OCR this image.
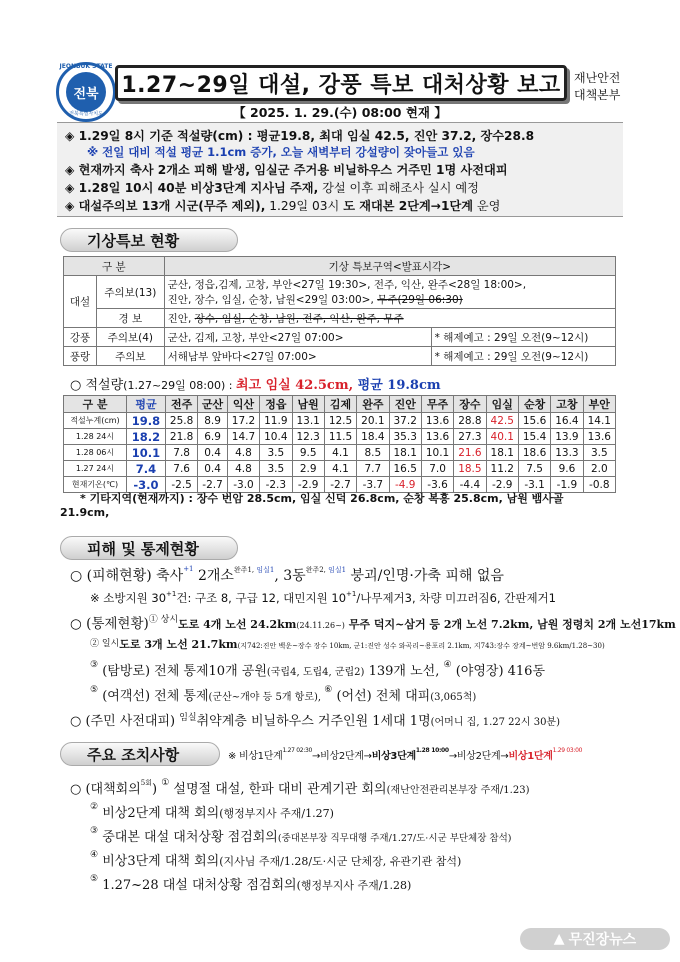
JEONBUK STATE
전북
전북특별자치도
1.27~29일 대설, 강풍 특보 대처상황 보고	재난안전
대책본부
【 2025. 1. 29.(수) 08:00 현재 】
◈ 1.29일 8시 기준 적설량(cm) : 평균19.8, 최대 임실 42.5, 진안 37.2, 장수28.8
※ 전일 대비 적설 평균 1.1cm 증가, 오늘 새벽부터 강설량이 잦아들고 있음
◈ 현재까지 축사 2개소 피해 발생, 임실군 주거용 비닐하우스 거주민 1명 사전대피
◈ 1.28일 10시 40분 비상3단계 지사님 주재, 강설 이후 피해조사 실시 예정
◈ 대설주의보 13개 시군(무주 제외), 1.29일 03시 도 재대본 2단계→1단계 운영
기상특보 현황
구 분		기상 특보구역<발표시각>	
대설	주의보(13)	군산, 정읍,김제, 고창, 부안<27일 19:30>, 전주, 익산, 완주<28일 18:00>,
진안, 장수, 임실, 순창, 남원<29일 03:00>, 무주(29일 06:30)	

	경 보	진안, 장수, 임실, 순창, 남원, 전주, 익산, 완주, 무주	
강풍	주의보(4)	군산, 김제, 고창, 부안<27일 07:00>	* 해제예고 : 29일 오전(9~12시)
풍랑	주의보	서해남부 앞바다<27일 07:00>	* 해제예고 : 29일 오전(9~12시)
○ 적설량(1.27~29일 08:00) : 최고 임실 42.5cm, 평균 19.8cm
구 분	평균	전주	군산	익산	정읍	남원	김제	완주	진안	무주	장수	임실	순창	고창	부안
적설누계(cm)	19.8	25.8	8.9	17.2	11.9	13.1	12.5	20.1	37.2	13.6	28.8	42.5	15.6	16.4	14.1
1.28 24시	18.2	21.8	6.9	14.7	10.4	12.3	11.5	18.4	35.3	13.6	27.3	40.1	15.4	13.9	13.6
1.28 06시	10.1	7.8	0.4	4.8	3.5	9.5	4.1	8.5	18.1	10.1	21.6	18.1	18.6	13.3	3.5
1.27 24시	7.4	7.6	0.4	4.8	3.5	2.9	4.1	7.7	16.5	7.0	18.5	11.2	7.5	9.6	2.0
현재기온(℃)	-3.0	-2.5	-2.7	-3.0	-2.3	-2.9	-2.7	-3.7	-4.9	-3.6	-4.4	-2.9	-3.1	-1.9	-0.8
* 기타지역(현재까지) : 장수 번암 28.5cm, 임실 신덕 26.8cm, 순창 복흥 25.8cm, 남원 뱀사골
21.9cm,
피해 및 통제현황
○ (피해현황) 축사$^{+1}$ 2개소$^{완주1,}$ $^{임실1}$, 3동$^{완주2,}$ $^{임실1}$ 붕괴/인명·가축 피해 없음
※ 소방지원 $30^{+1}$건: 구조 8, 구급 12, 대민지원 $10^{+1}/$나무제거3, 차량 미끄러짐6, 간판제거1
○ (통제현황)$^{① 상시}$도로 4개 노선 24.2km(24.11.26~) 무주 덕지~삼거 등 2개 노선 7.2km, 남원 정령치 2개 노선17km
$^{② 일시}$도로 3개 노선 21.7km(지742:진안 백운~장수 장수 10km, 군1:진안 성수 와곡리~용포리 2.1km, 지743:장수 장계~번암 9.6km/1.28~30)
③ (탐방로) 전체 통제10개 공원(국립4, 도립4, 군립2) 139개 노선, ④ (야영장) 416동
⑤ (여객선) 전체 통제(군산~개야 등 5개 항로), ⑥ (어선) 전체 대피(3,065척)
○ (주민 사전대피) $^{임실}$취약계층 비닐하우스 거주인원 1세대 1명(어머니 집, 1.27 22시 30분)
주요 조치사항	※ 비상1단계$^{1.27 02:30}$→비상2단계→비상3단계$^{1.28 10:00}$→비상2단계→비상1단계$^{1.29 03:00}$
○ (대책회의$^{5회}$) ① 설명절 대설, 한파 대비 관계기관 회의(재난안전관리본부장 주재/1.23)
② 비상2단계 대책 회의(행정부지사 주재/1.27)
③ 중대본 대설 대처상황 점검회의(중대본부장 직무대행 주재/1.27/도·시군 부단체장 참석)
④ 비상3단계 대책 회의(지사님 주재/1.28/도·시군 단체장, 유관기관 참석)
⑤ 1.27~28 대설 대처상황 점검회의(행정부지사 주재/1.28)
▲ 무진장뉴스
